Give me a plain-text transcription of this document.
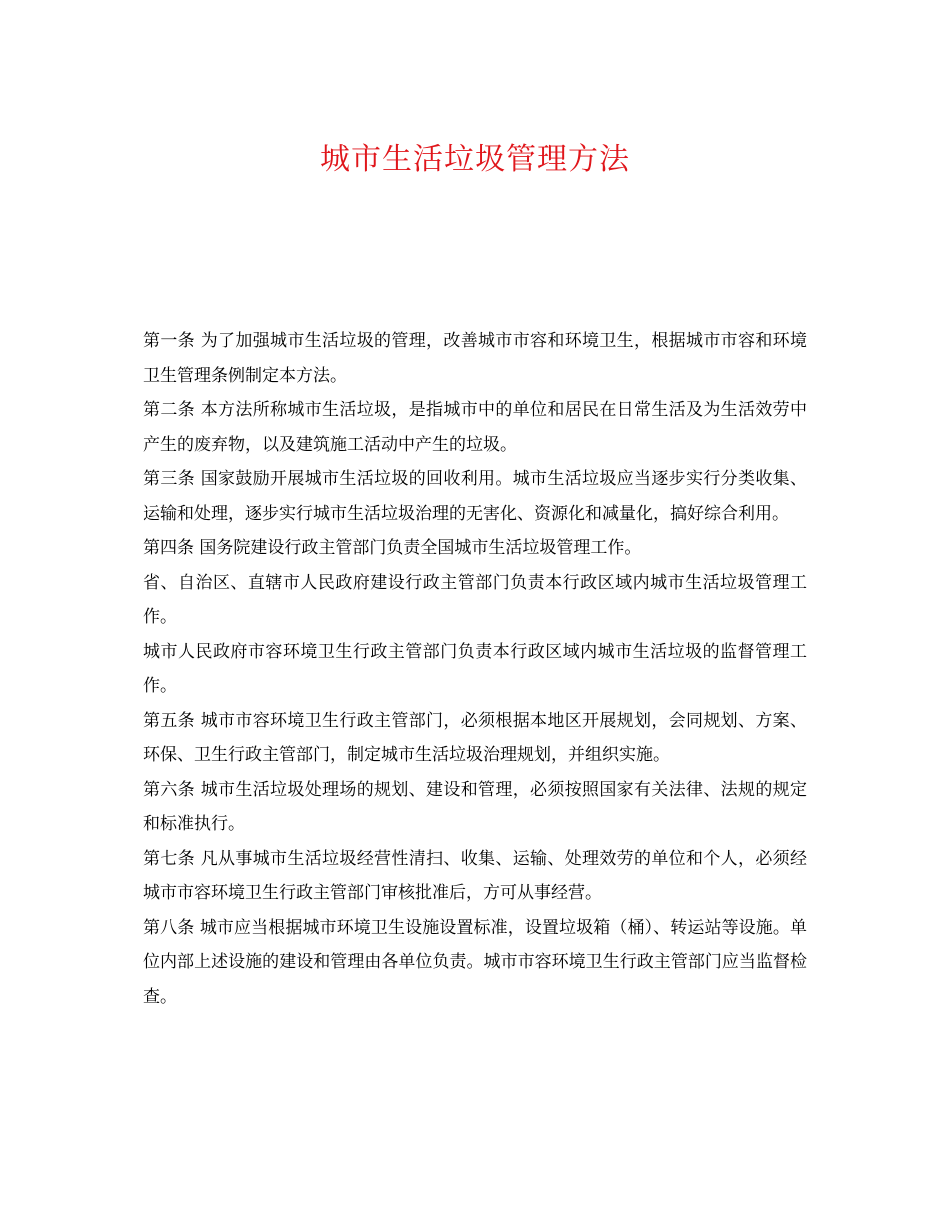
城市生活垃圾管理方法

第一条 为了加强城市生活垃圾的管理，改善城市市容和环境卫生，根据城市市容和环境卫生管理条例制定本方法。

第二条 本方法所称城市生活垃圾，是指城市中的单位和居民在日常生活及为生活效劳中产生的废弃物，以及建筑施工活动中产生的垃圾。

第三条 国家鼓励开展城市生活垃圾的回收利用。城市生活垃圾应当逐步实行分类收集、运输和处理，逐步实行城市生活垃圾治理的无害化、资源化和减量化，搞好综合利用。

第四条 国务院建设行政主管部门负责全国城市生活垃圾管理工作。

省、自治区、直辖市人民政府建设行政主管部门负责本行政区域内城市生活垃圾管理工作。

城市人民政府市容环境卫生行政主管部门负责本行政区域内城市生活垃圾的监督管理工作。

第五条 城市市容环境卫生行政主管部门，必须根据本地区开展规划，会同规划、方案、环保、卫生行政主管部门，制定城市生活垃圾治理规划，并组织实施。

第六条 城市生活垃圾处理场的规划、建设和管理，必须按照国家有关法律、法规的规定和标准执行。

第七条 凡从事城市生活垃圾经营性清扫、收集、运输、处理效劳的单位和个人，必须经城市市容环境卫生行政主管部门审核批准后，方可从事经营。

第八条 城市应当根据城市环境卫生设施设置标准，设置垃圾箱（桶）、转运站等设施。单位内部上述设施的建设和管理由各单位负责。城市市容环境卫生行政主管部门应当监督检查。
